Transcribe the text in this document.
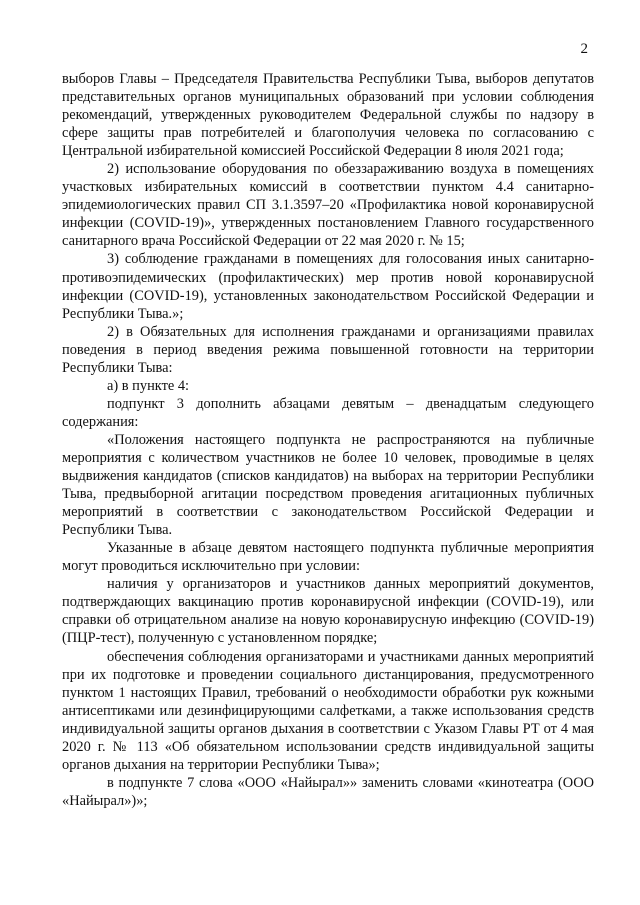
2

выборов Главы – Председателя Правительства Республики Тыва, выборов депутатов представительных органов муниципальных образований при условии соблюдения рекомендаций, утвержденных руководителем Федеральной службы по надзору в сфере защиты прав потребителей и благополучия человека по согласованию с Центральной избирательной комиссией Российской Федерации 8 июля 2021 года;

2) использование оборудования по обеззараживанию воздуха в помещениях участковых избирательных комиссий в соответствии пунктом 4.4 санитарно-эпидемиологических правил СП 3.1.3597–20 «Профилактика новой коронавирусной инфекции (COVID-19)», утвержденных постановлением Главного государственного санитарного врача Российской Федерации от 22 мая 2020 г. № 15;

3) соблюдение гражданами в помещениях для голосования иных санитарно-противоэпидемических (профилактических) мер против новой коронавирусной инфекции (COVID-19), установленных законодательством Российской Федерации и Республики Тыва.»;

2) в Обязательных для исполнения гражданами и организациями правилах поведения в период введения режима повышенной готовности на территории Республики Тыва:

а) в пункте 4:

подпункт 3 дополнить абзацами девятым – двенадцатым следующего содержания:

«Положения настоящего подпункта не распространяются на публичные мероприятия с количеством участников не более 10 человек, проводимые в целях выдвижения кандидатов (списков кандидатов) на выборах на территории Республики Тыва, предвыборной агитации посредством проведения агитационных публичных мероприятий в соответствии с законодательством Российской Федерации и Республики Тыва.

Указанные в абзаце девятом настоящего подпункта публичные мероприятия могут проводиться исключительно при условии:

наличия у организаторов и участников данных мероприятий документов, подтверждающих вакцинацию против коронавирусной инфекции (COVID-19), или справки об отрицательном анализе на новую коронавирусную инфекцию (COVID-19) (ПЦР-тест), полученную с установленном порядке;

обеспечения соблюдения организаторами и участниками данных мероприятий при их подготовке и проведении социального дистанцирования, предусмотренного пунктом 1 настоящих Правил, требований о необходимости обработки рук кожными антисептиками или дезинфицирующими салфетками, а также использования средств индивидуальной защиты органов дыхания в соответствии с Указом Главы РТ от 4 мая 2020 г. № 113 «Об обязательном использовании средств индивидуальной защиты органов дыхания на территории Республики Тыва»;

в подпункте 7 слова «ООО «Найырал»» заменить словами «кинотеатра (ООО «Найырал»)»;
